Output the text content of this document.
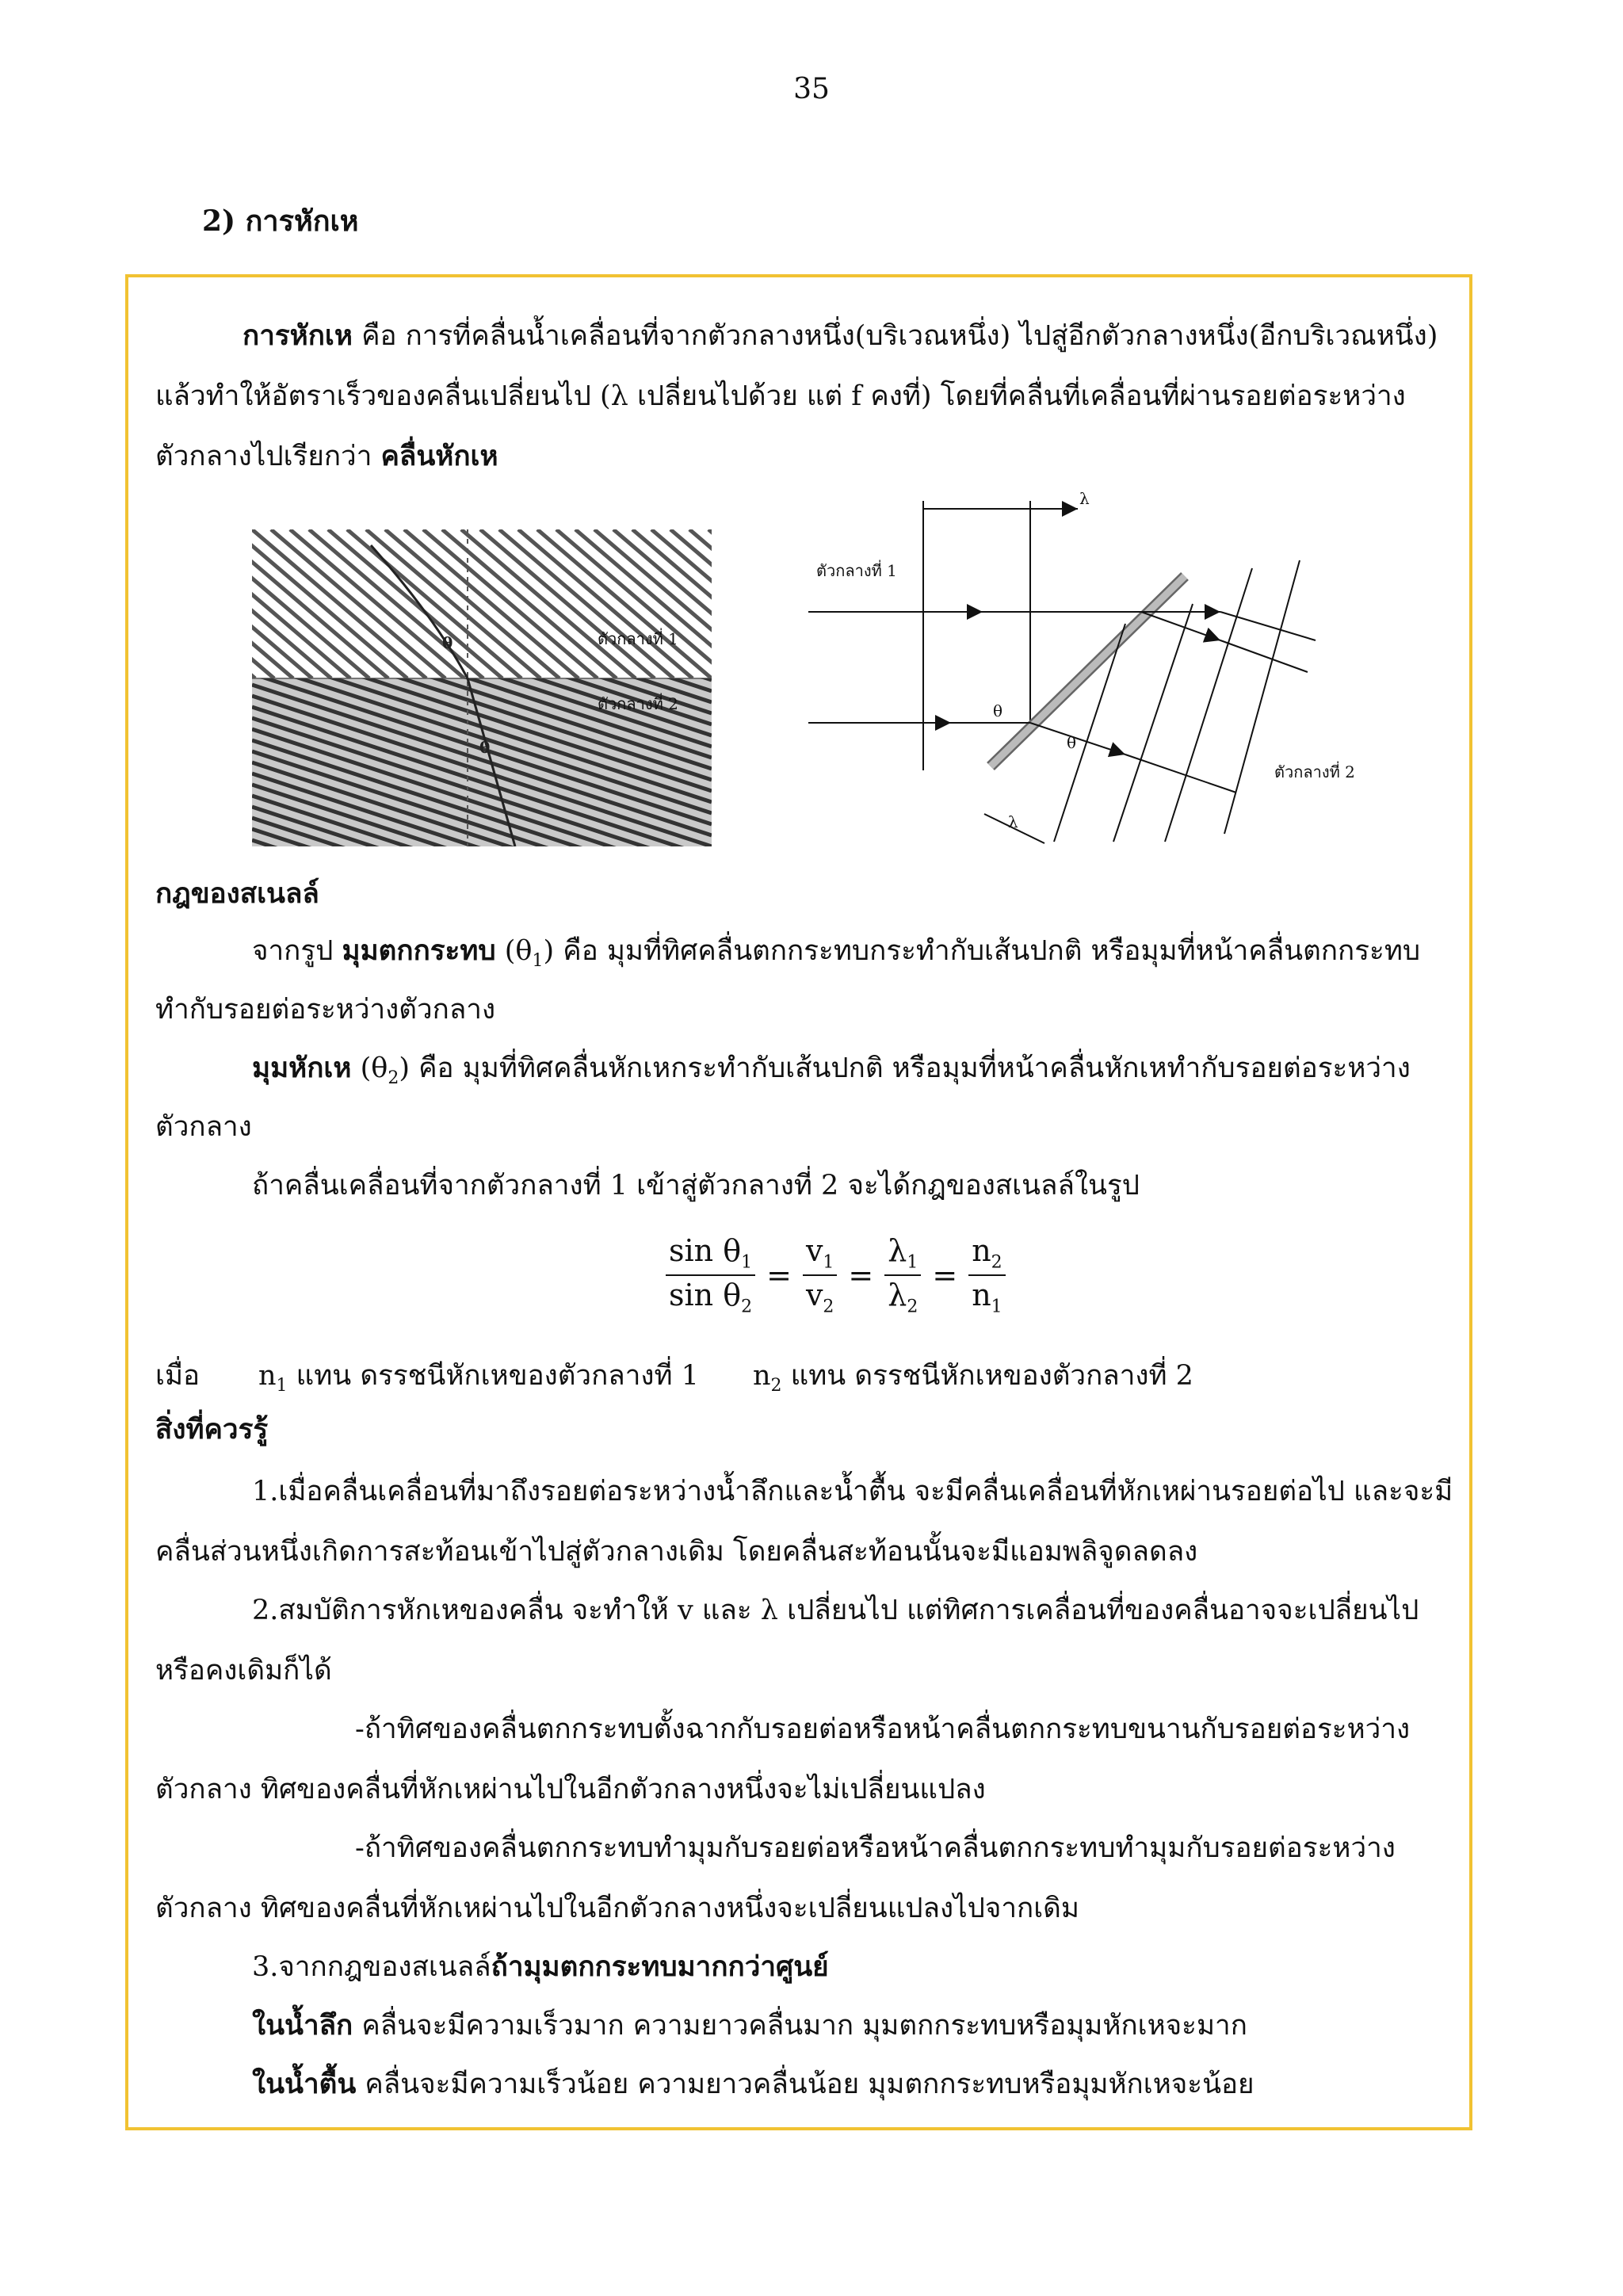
35
2) การหักเห
การหักเห คือ การที่คลื่นน้ำเคลื่อนที่จากตัวกลางหนึ่ง(บริเวณหนึ่ง) ไปสู่อีกตัวกลางหนึ่ง(อีกบริเวณหนึ่ง)
แล้วทำให้อัตราเร็วของคลื่นเปลี่ยนไป (λ เปลี่ยนไปด้วย แต่ f คงที่) โดยที่คลื่นที่เคลื่อนที่ผ่านรอยต่อระหว่าง
ตัวกลางไปเรียกว่า คลื่นหักเห
θ
θ
ตัวกลางที่ 1
ตัวกลางที่ 2
λ
λ
θ
θ
ตัวกลางที่ 1
ตัวกลางที่ 2
กฎของสเนลล์
จากรูป มุมตกกระทบ $(\theta_1)$ คือ มุมที่ทิศคลื่นตกกระทบกระทำกับเส้นปกติ หรือมุมที่หน้าคลื่นตกกระทบ
ทำกับรอยต่อระหว่างตัวกลาง
มุมหักเห $(\theta_2)$ คือ มุมที่ทิศคลื่นหักเหกระทำกับเส้นปกติ หรือมุมที่หน้าคลื่นหักเหทำกับรอยต่อระหว่าง
ตัวกลาง
ถ้าคลื่นเคลื่อนที่จากตัวกลางที่ 1 เข้าสู่ตัวกลางที่ 2 จะได้กฎของสเนลล์ในรูป
$\frac{\sin \theta_1}{\sin \theta_2} = \frac{v_1}{v_2} = \frac{\lambda_1}{\lambda_2} = \frac{n_2}{n_1}$
เมื่อ $n_1$ แทน ดรรชนีหักเหของตัวกลางที่ 1 $n_2$ แทน ดรรชนีหักเหของตัวกลางที่ 2
สิ่งที่ควรรู้
1.เมื่อคลื่นเคลื่อนที่มาถึงรอยต่อระหว่างน้ำลึกและน้ำตื้น จะมีคลื่นเคลื่อนที่หักเหผ่านรอยต่อไป และจะมี
คลื่นส่วนหนึ่งเกิดการสะท้อนเข้าไปสู่ตัวกลางเดิม โดยคลื่นสะท้อนนั้นจะมีแอมพลิจูดลดลง
2.สมบัติการหักเหของคลื่น จะทำให้ v และ λ เปลี่ยนไป แต่ทิศการเคลื่อนที่ของคลื่นอาจจะเปลี่ยนไป
หรือคงเดิมก็ได้
-ถ้าทิศของคลื่นตกกระทบตั้งฉากกับรอยต่อหรือหน้าคลื่นตกกระทบขนานกับรอยต่อระหว่าง
ตัวกลาง ทิศของคลื่นที่หักเหผ่านไปในอีกตัวกลางหนึ่งจะไม่เปลี่ยนแปลง
-ถ้าทิศของคลื่นตกกระทบทำมุมกับรอยต่อหรือหน้าคลื่นตกกระทบทำมุมกับรอยต่อระหว่าง
ตัวกลาง ทิศของคลื่นที่หักเหผ่านไปในอีกตัวกลางหนึ่งจะเปลี่ยนแปลงไปจากเดิม
3.จากกฎของสเนลล์ถ้ามุมตกกระทบมากกว่าศูนย์
ในน้ำลึก คลื่นจะมีความเร็วมาก ความยาวคลื่นมาก มุมตกกระทบหรือมุมหักเหจะมาก
ในน้ำตื้น คลื่นจะมีความเร็วน้อย ความยาวคลื่นน้อย มุมตกกระทบหรือมุมหักเหจะน้อย
